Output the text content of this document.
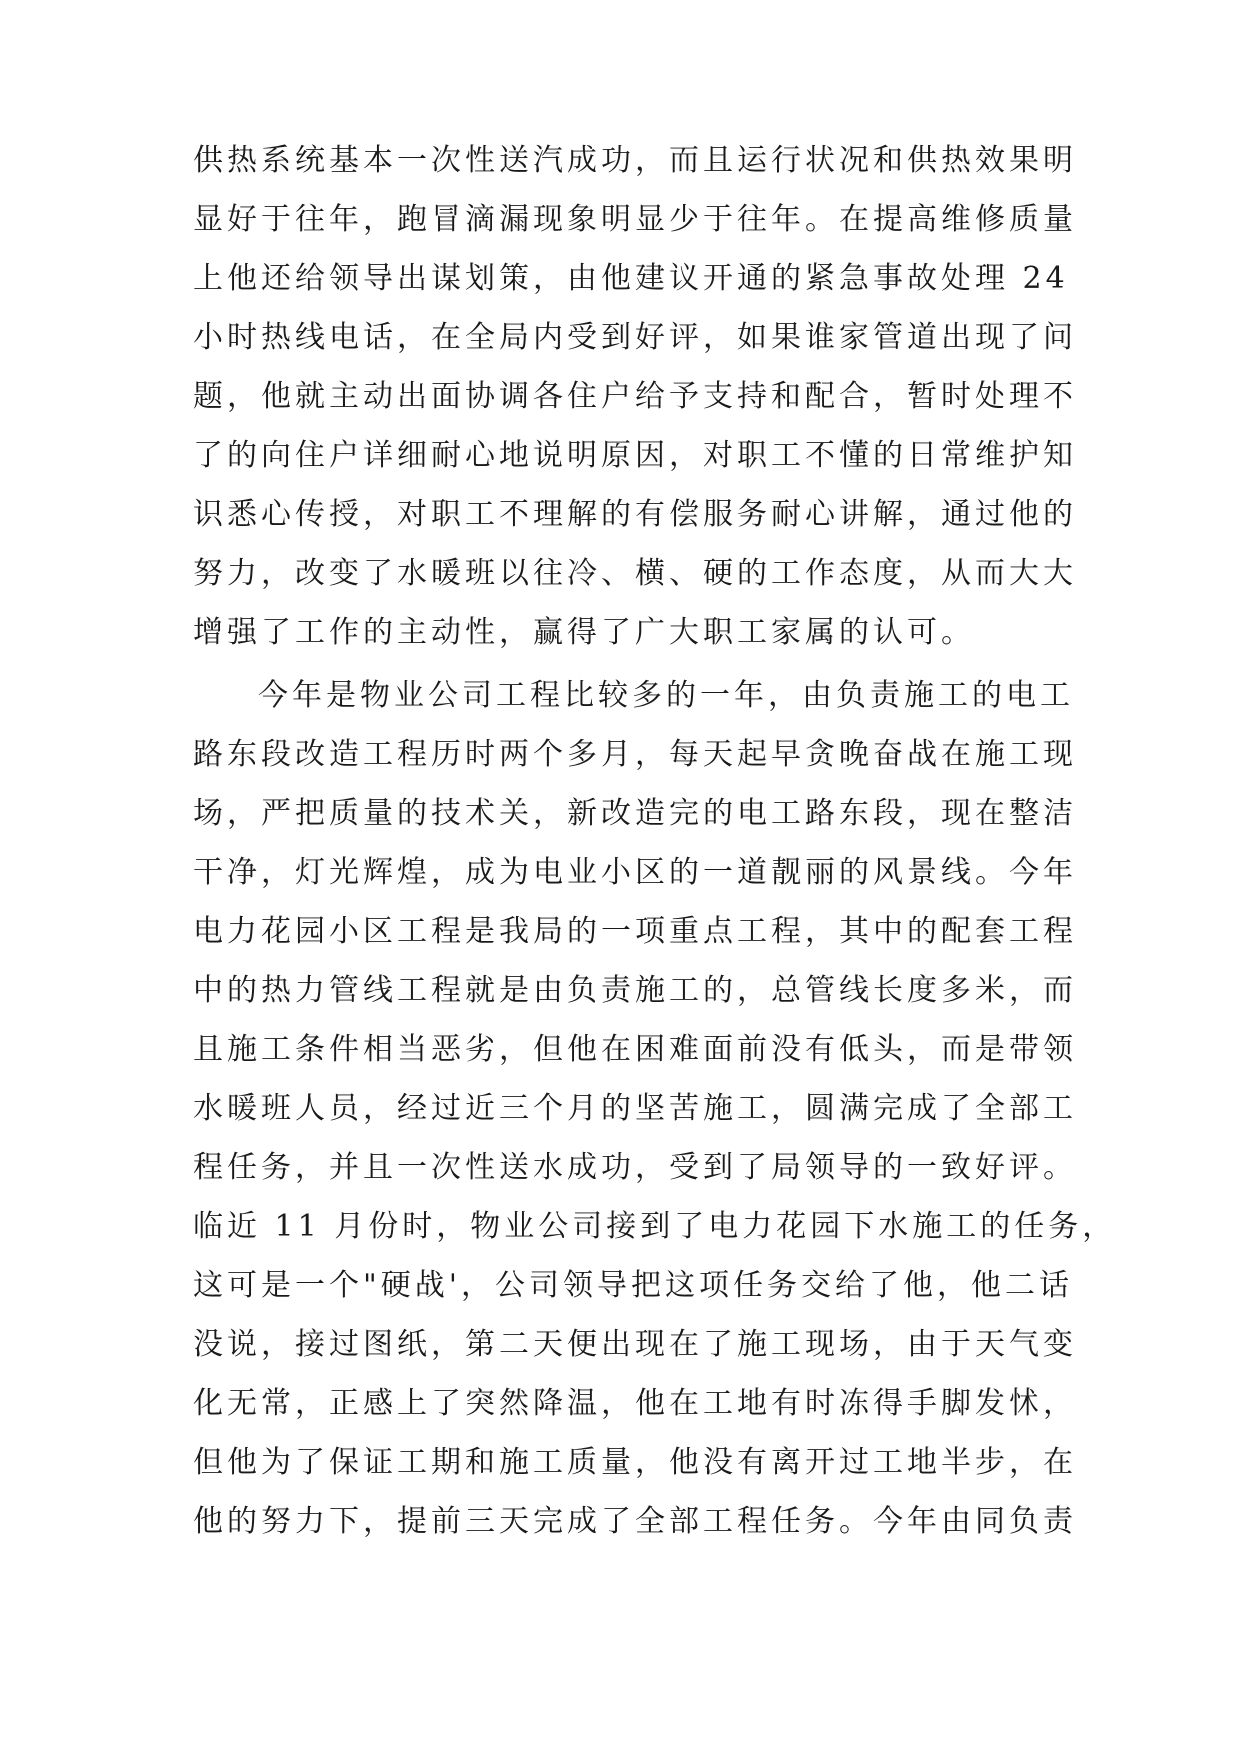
供热系统基本一次性送汽成功，而且运行状况和供热效果明
显好于往年，跑冒滴漏现象明显少于往年。在提高维修质量
上他还给领导出谋划策，由他建议开通的紧急事故处理 24
小时热线电话，在全局内受到好评，如果谁家管道出现了问
题，他就主动出面协调各住户给予支持和配合，暂时处理不
了的向住户详细耐心地说明原因，对职工不懂的日常维护知
识悉心传授，对职工不理解的有偿服务耐心讲解，通过他的
努力，改变了水暖班以往冷、横、硬的工作态度，从而大大
增强了工作的主动性，赢得了广大职工家属的认可。
今年是物业公司工程比较多的一年，由负责施工的电工
路东段改造工程历时两个多月，每天起早贪晚奋战在施工现
场，严把质量的技术关，新改造完的电工路东段，现在整洁
干净，灯光辉煌，成为电业小区的一道靓丽的风景线。今年
电力花园小区工程是我局的一项重点工程，其中的配套工程
中的热力管线工程就是由负责施工的，总管线长度多米，而
且施工条件相当恶劣，但他在困难面前没有低头，而是带领
水暖班人员，经过近三个月的坚苦施工，圆满完成了全部工
程任务，并且一次性送水成功，受到了局领导的一致好评。
临近 11 月份时，物业公司接到了电力花园下水施工的任务，
这可是一个"硬战'，公司领导把这项任务交给了他，他二话
没说，接过图纸，第二天便出现在了施工现场，由于天气变
化无常，正感上了突然降温，他在工地有时冻得手脚发怵，
但他为了保证工期和施工质量，他没有离开过工地半步，在
他的努力下，提前三天完成了全部工程任务。今年由同负责
